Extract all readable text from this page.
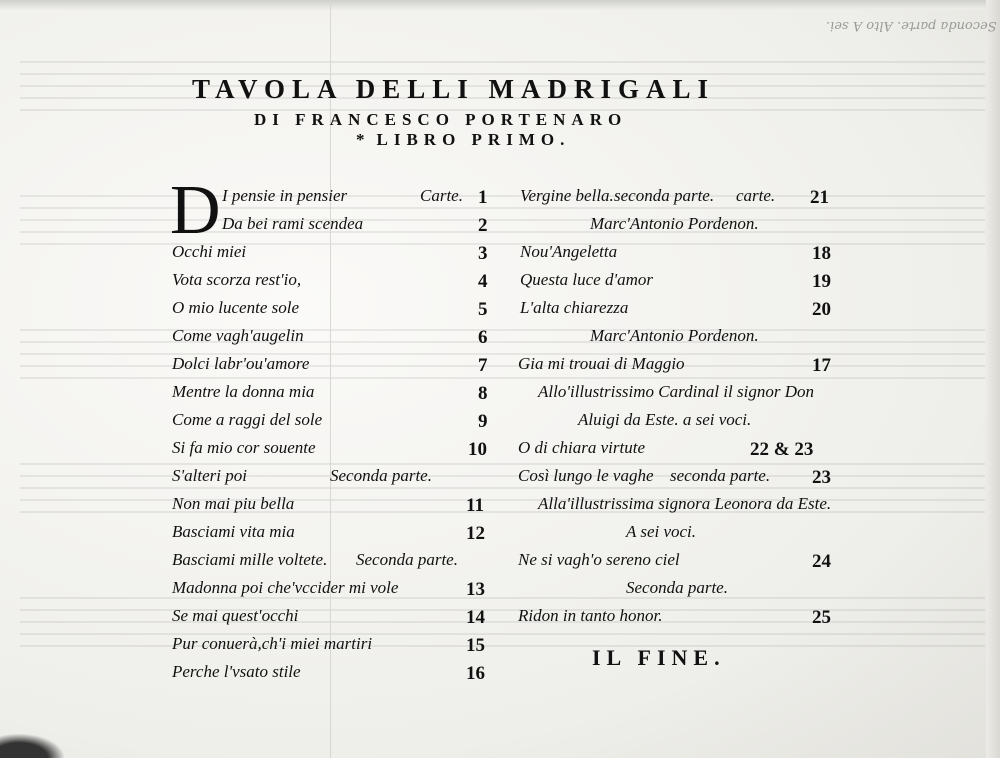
Seconda parte. Alto A sei.
TAVOLA DELLI MADRIGALI
DI FRANCESCO PORTENARO
* LIBRO PRIMO.
D I pensie in pensier	Carte. 1
Da bei rami scendea	2
Occhi miei	3
Vota scorza rest'io,	4
O mio lucente sole	5
Come vagh'augelin	6
Dolci labr'ou'amore	7
Mentre la donna mia	8
Come a raggi del sole	9
Si fa mio cor souente	10
S'alteri poi	Seconda parte.
Non mai piu bella	11
Basciami vita mia	12
Basciami mille voltete. Seconda parte.
Madonna poi che'vccider mi vole	13
Se mai quest'occhi	14
Pur conuerà,ch'i miei martiri	15
Perche l'vsato stile	16
Vergine bella. seconda parte. carte. 21
Marc'Antonio Pordenon.
Nou'Angeletta	18
Questa luce d'amor	19
L'alta chiarezza	20
Marc'Antonio Pordenon.
Gia mi trouai di Maggio	17
Allo'illustrissimo Cardinal il signor Don
Aluigi da Este. a sei voci.
O di chiara virtute	22 & 23
Così lungo le vaghe seconda parte. 23
Alla'illustrissima signora Leonora da Este.
A sei voci.
Ne si vagh'o sereno ciel	24
Seconda parte.
Ridon in tanto honor.	25
IL FINE.
